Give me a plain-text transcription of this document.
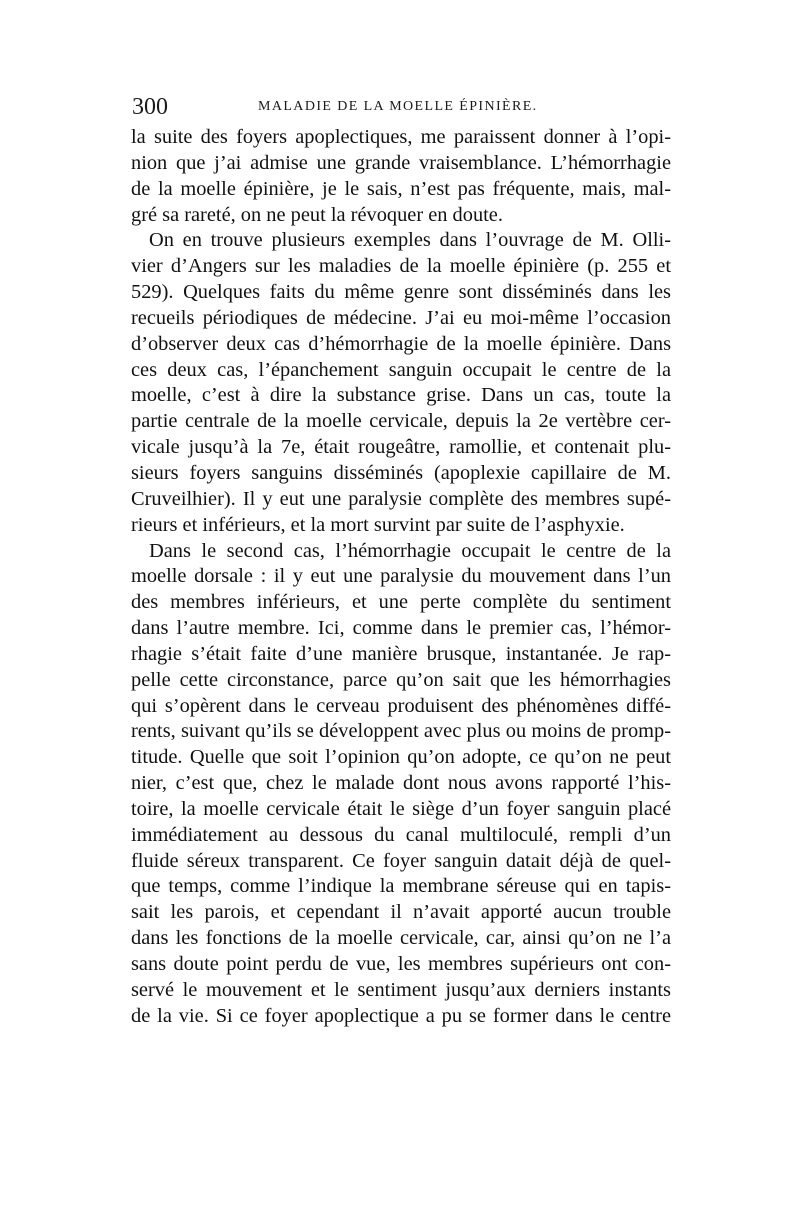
300	MALADIE DE LA MOELLE ÉPINIÈRE.
la suite des foyers apoplectiques, me paraissent donner à l’opi-
nion que j’ai admise une grande vraisemblance. L’hémorrhagie
de la moelle épinière, je le sais, n’est pas fréquente, mais, mal-
gré sa rareté, on ne peut la révoquer en doute.
On en trouve plusieurs exemples dans l’ouvrage de M. Olli-
vier d’Angers sur les maladies de la moelle épinière (p. 255 et
529). Quelques faits du même genre sont disséminés dans les
recueils périodiques de médecine. J’ai eu moi-même l’occasion
d’observer deux cas d’hémorrhagie de la moelle épinière. Dans
ces deux cas, l’épanchement sanguin occupait le centre de la
moelle, c’est à dire la substance grise. Dans un cas, toute la
partie centrale de la moelle cervicale, depuis la 2e vertèbre cer-
vicale jusqu’à la 7e, était rougeâtre, ramollie, et contenait plu-
sieurs foyers sanguins disséminés (apoplexie capillaire de M.
Cruveilhier). Il y eut une paralysie complète des membres supé-
rieurs et inférieurs, et la mort survint par suite de l’asphyxie.
Dans le second cas, l’hémorrhagie occupait le centre de la
moelle dorsale : il y eut une paralysie du mouvement dans l’un
des membres inférieurs, et une perte complète du sentiment
dans l’autre membre. Ici, comme dans le premier cas, l’hémor-
rhagie s’était faite d’une manière brusque, instantanée. Je rap-
pelle cette circonstance, parce qu’on sait que les hémorrhagies
qui s’opèrent dans le cerveau produisent des phénomènes diffé-
rents, suivant qu’ils se développent avec plus ou moins de promp-
titude. Quelle que soit l’opinion qu’on adopte, ce qu’on ne peut
nier, c’est que, chez le malade dont nous avons rapporté l’his-
toire, la moelle cervicale était le siège d’un foyer sanguin placé
immédiatement au dessous du canal multiloculé, rempli d’un
fluide séreux transparent. Ce foyer sanguin datait déjà de quel-
que temps, comme l’indique la membrane séreuse qui en tapis-
sait les parois, et cependant il n’avait apporté aucun trouble
dans les fonctions de la moelle cervicale, car, ainsi qu’on ne l’a
sans doute point perdu de vue, les membres supérieurs ont con-
servé le mouvement et le sentiment jusqu’aux derniers instants
de la vie. Si ce foyer apoplectique a pu se former dans le centre
